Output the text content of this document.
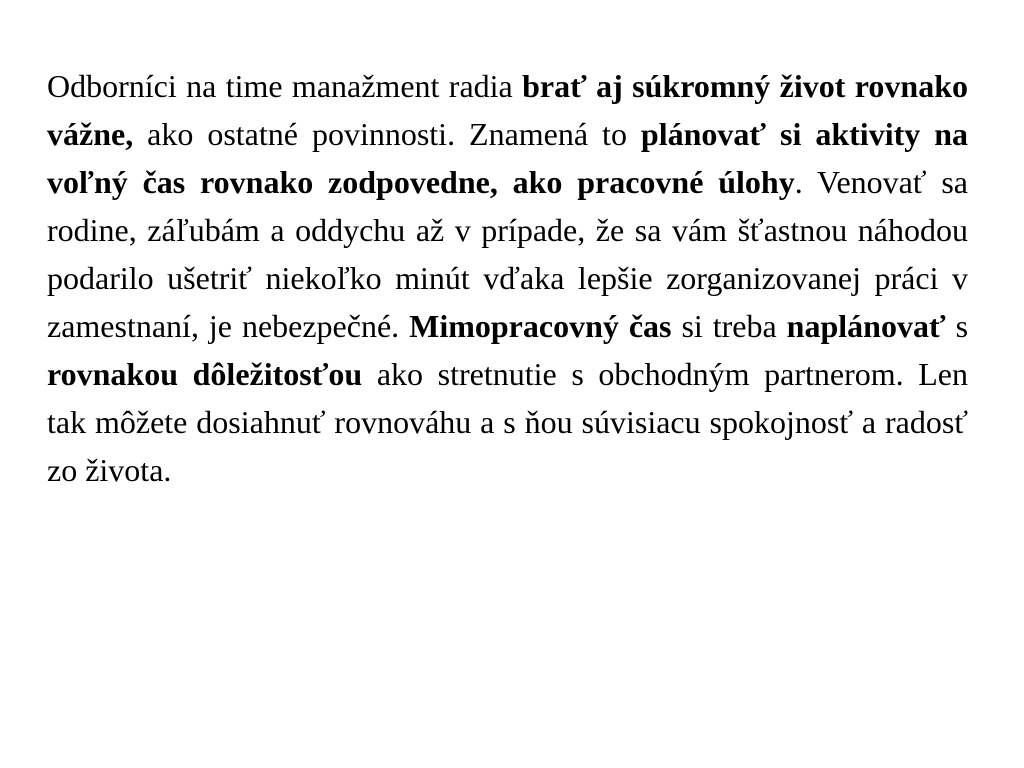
Odborníci na time manažment radia brať aj súkromný život rovnako vážne, ako ostatné povinnosti. Znamená to plánovať si aktivity na voľný čas rovnako zodpovedne, ako pracovné úlohy. Venovať sa rodine, záľubám a oddychu až v prípade, že sa vám šťastnou náhodou podarilo ušetriť niekoľko minút vďaka lepšie zorganizovanej práci v zamestnaní, je nebezpečné. Mimopracovný čas si treba naplánovať s rovnakou dôležitosťou ako stretnutie s obchodným partnerom. Len tak môžete dosiahnuť rovnováhu a s ňou súvisiacu spokojnosť a radosť zo života.
